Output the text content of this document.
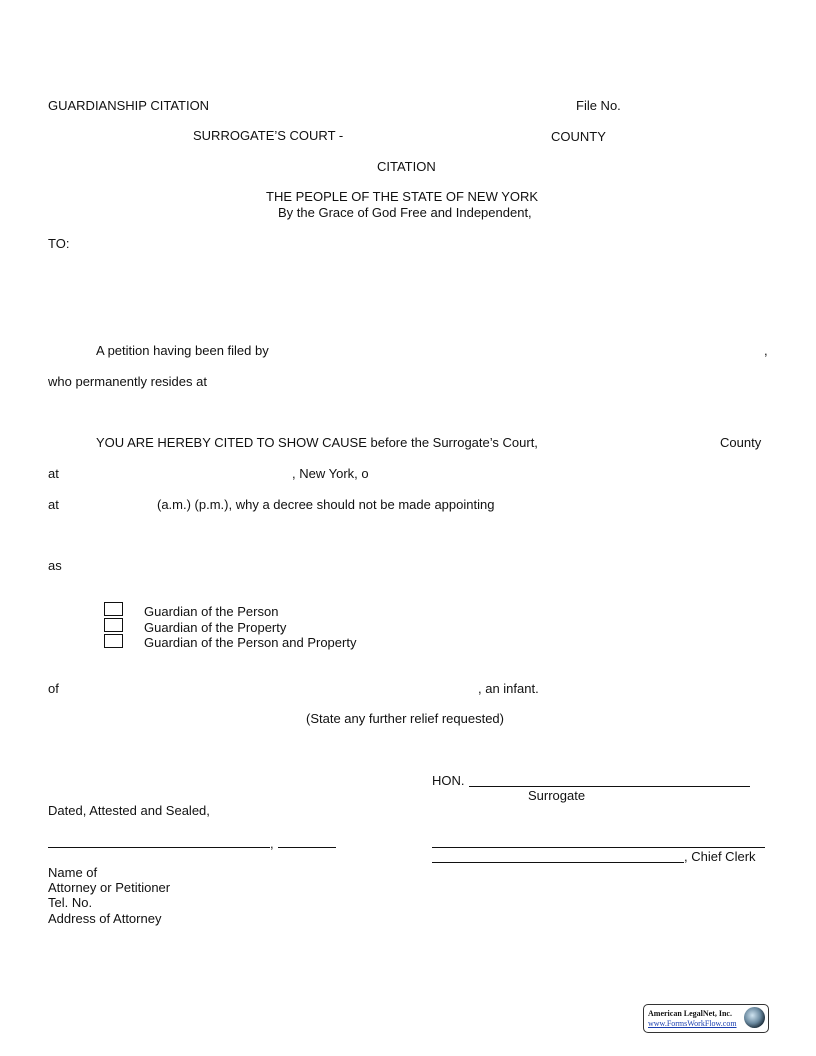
GUARDIANSHIP CITATION	File No.
SURROGATE’S COURT -	COUNTY
CITATION
THE PEOPLE OF THE STATE OF NEW YORK
By the Grace of God Free and Independent,
TO:
A petition having been filed by	,
who permanently resides at
YOU ARE HEREBY CITED TO SHOW CAUSE before the Surrogate’s Court,	County
at	, New York, o
at	(a.m.) (p.m.), why a decree should not be made appointing
as
Guardian of the Person
Guardian of the Property
Guardian of the Person and Property
of	, an infant.
(State any further relief requested)
HON.
Surrogate
Dated, Attested and Sealed,
,
, Chief Clerk
Name of
Attorney or Petitioner
Tel. No.
Address of Attorney
American LegalNet, Inc.
www.FormsWorkFlow.com
